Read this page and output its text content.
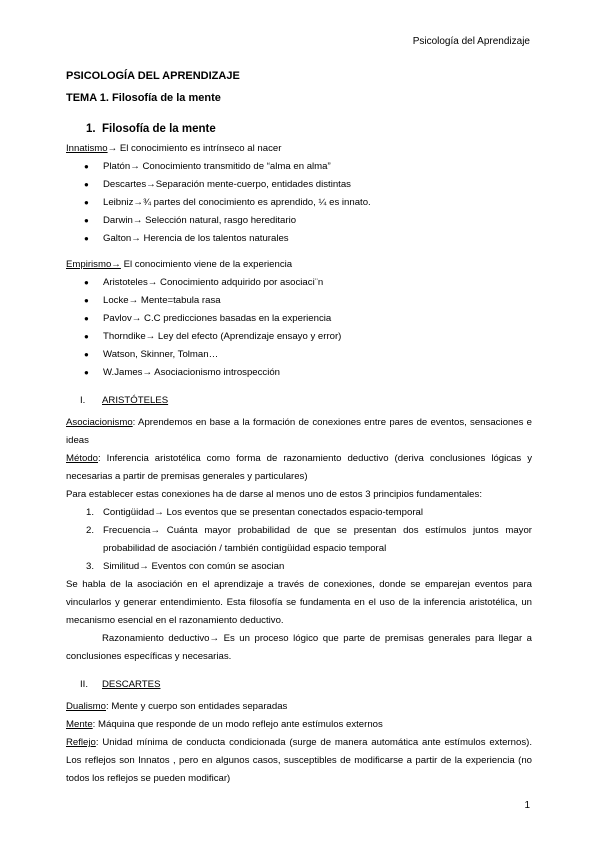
Psicología del Aprendizaje

PSICOLOGÍA DEL APRENDIZAJE

TEMA 1. Filosofía de la mente

1. Filosofía de la mente

Innatismo→ El conocimiento es intrínseco al nacer

● Platón→ Conocimiento transmitido de “alma en alma”
● Descartes→Separación mente-cuerpo, entidades distintas
● Leibniz→¾ partes del conocimiento es aprendido, ¼ es innato.
● Darwin→ Selección natural, rasgo hereditario
● Galton→ Herencia de los talentos naturales

Empirismo→ El conocimiento viene de la experiencia

● Aristoteles→ Conocimiento adquirido por asociaci¨n
● Locke→ Mente=tabula rasa
● Pavlov→ C.C predicciones basadas en la experiencia
● Thorndike→ Ley del efecto (Aprendizaje ensayo y error)
● Watson, Skinner, Tolman…
● W.James→ Asociacionismo introspección
I. ARISTÓTELES

Asociacionismo: Aprendemos en base a la formación de conexiones entre pares de eventos, sensaciones e ideas

Método: Inferencia aristotélica como forma de razonamiento deductivo (deriva conclusiones lógicas y necesarias a partir de premisas generales y particulares)

Para establecer estas conexiones ha de darse al menos uno de estos 3 principios fundamentales:

1. Contigüidad→ Los eventos que se presentan conectados espacio-temporal
2. Frecuencia→ Cuánta mayor probabilidad de que se presentan dos estímulos juntos mayor probabilidad de asociación / también contigüidad espacio temporal
3. Similitud→ Eventos con común se asocian

Se habla de la asociación en el aprendizaje a través de conexiones, donde se emparejan eventos para vincularlos y generar entendimiento. Esta filosofía se fundamenta en el uso de la inferencia aristotélica, un mecanismo esencial en el razonamiento deductivo.

Razonamiento deductivo→ Es un proceso lógico que parte de premisas generales para llegar a conclusiones específicas y necesarias.

II. DESCARTES

Dualismo: Mente y cuerpo son entidades separadas

Mente: Máquina que responde de un modo reflejo ante estímulos externos

Reflejo: Unidad mínima de conducta condicionada (surge de manera automática ante estímulos externos). Los reflejos son Innatos , pero en algunos casos, susceptibles de modificarse a partir de la experiencia (no todos los reflejos se pueden modificar)

1
